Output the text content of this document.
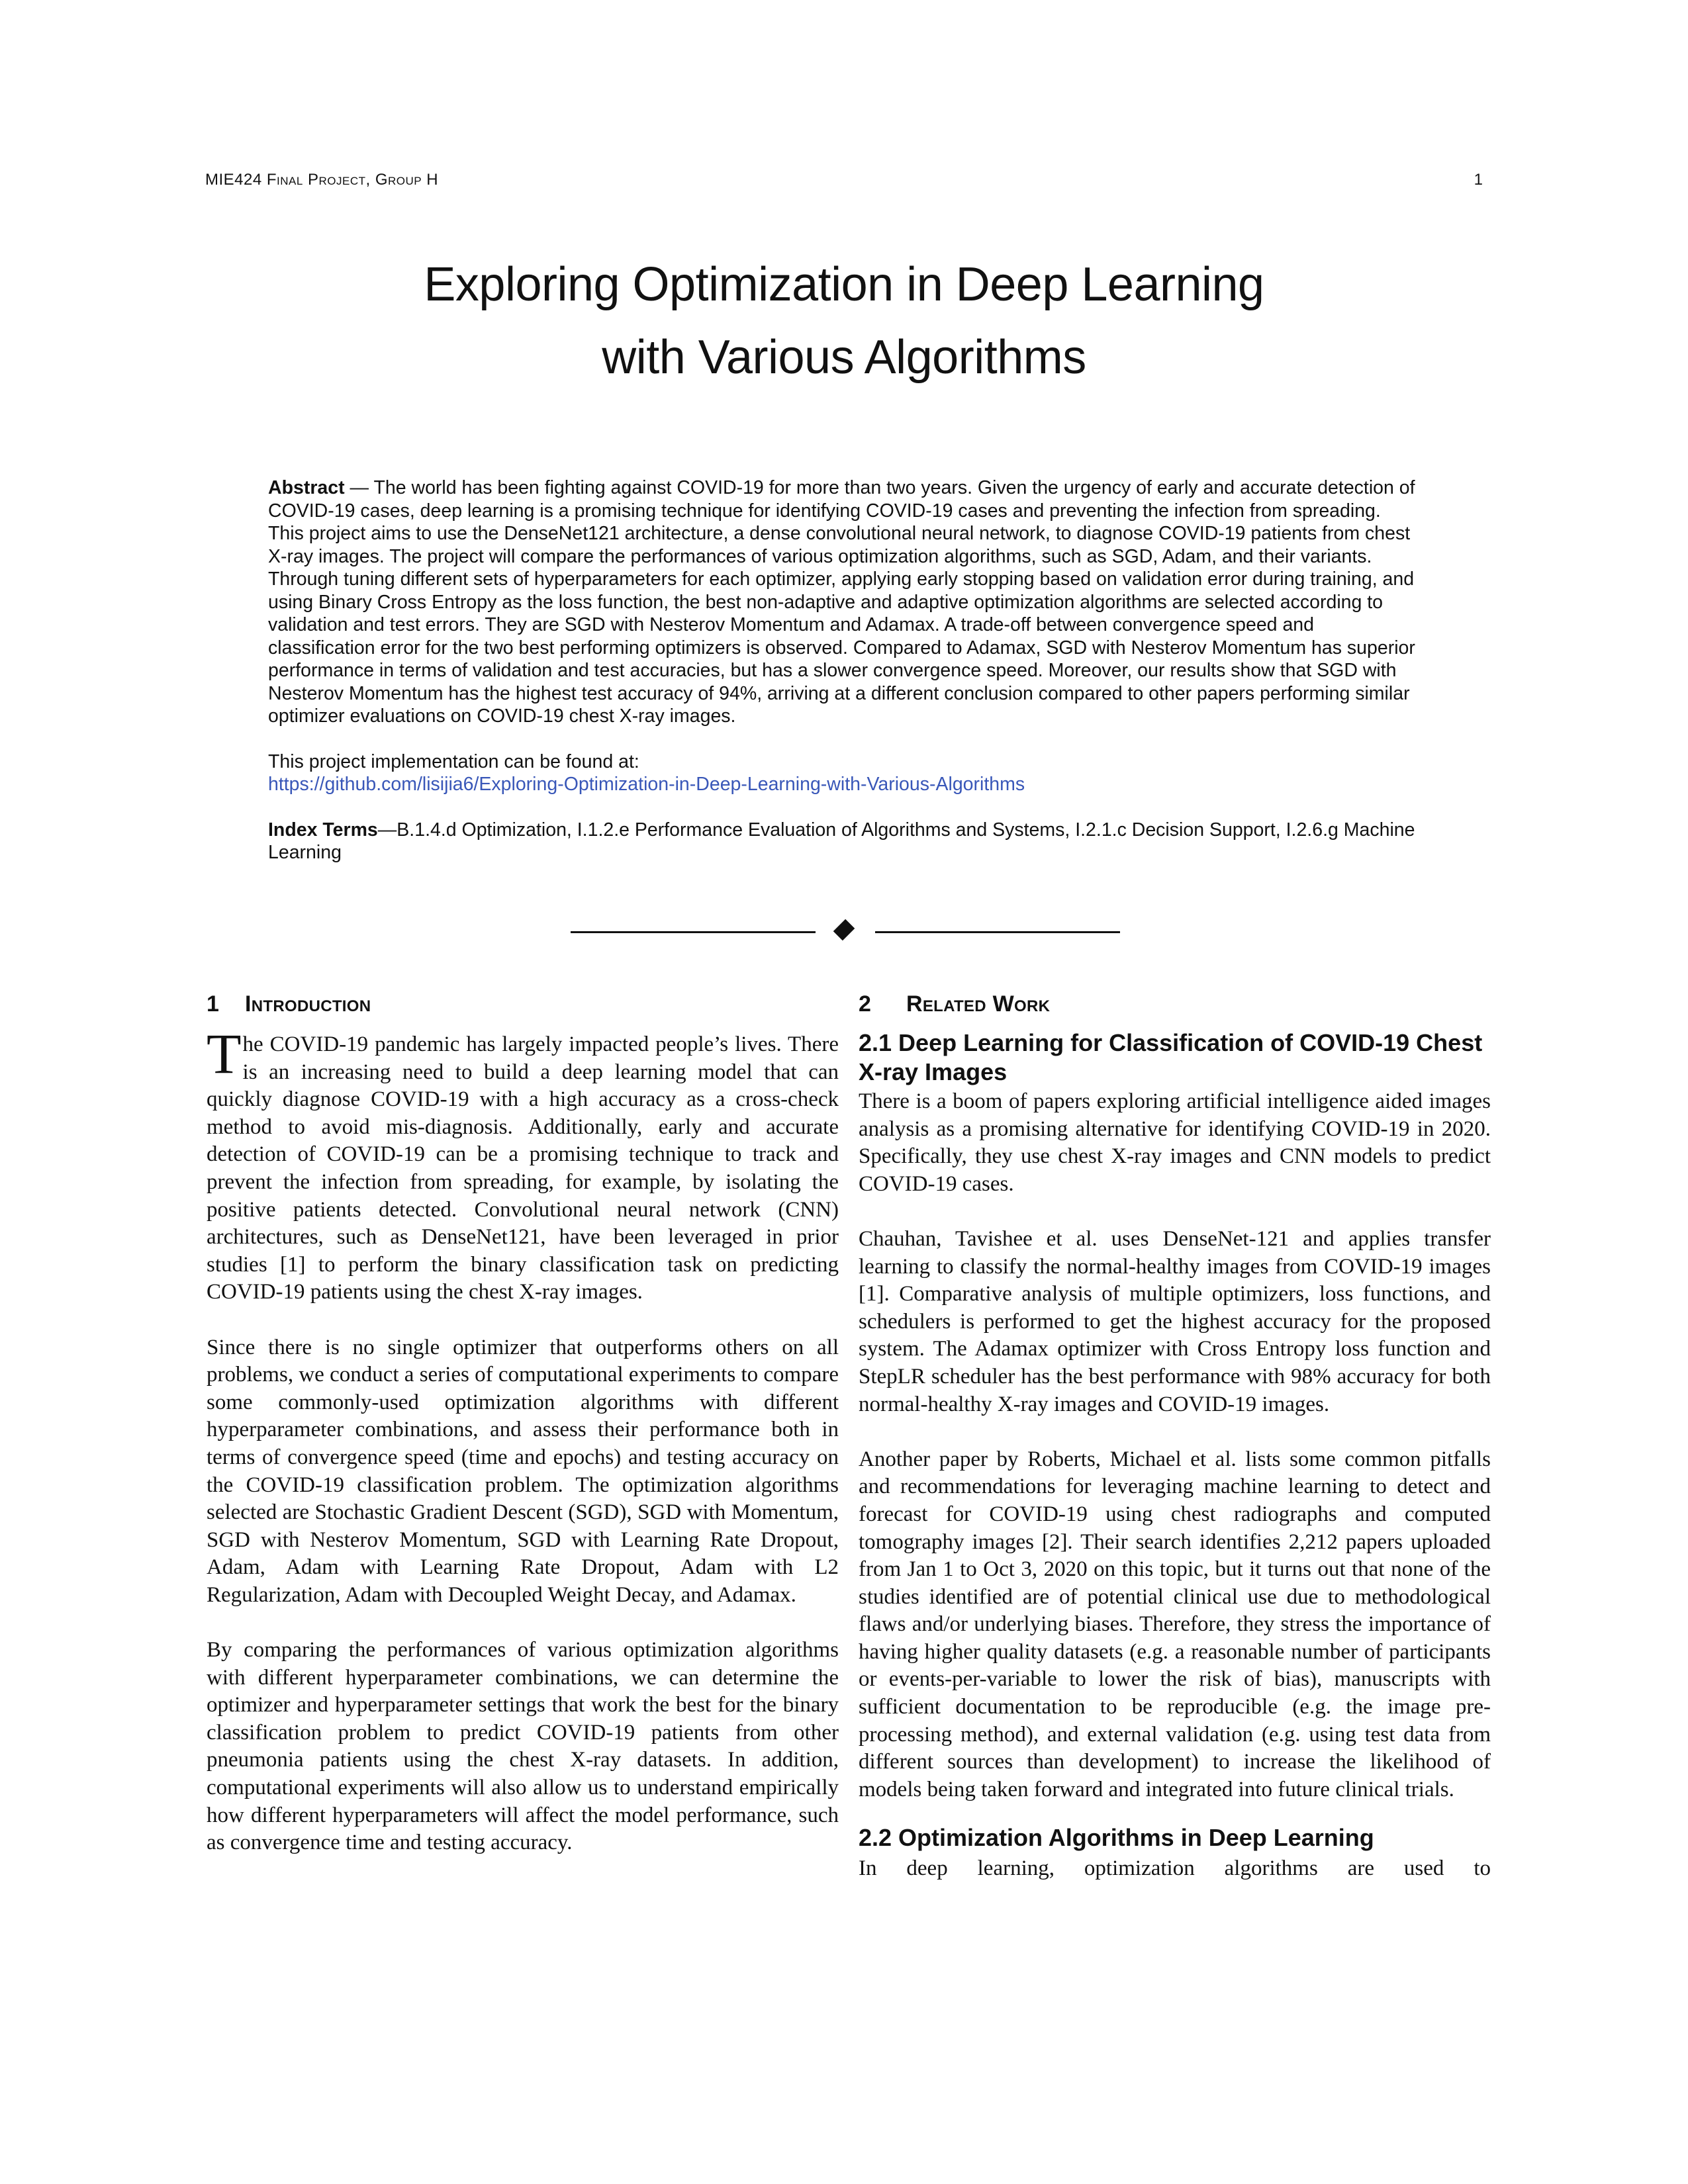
MIE424 Final Project, Group H	1
Exploring Optimization in Deep Learning
with Various Algorithms

Abstract — The world has been fighting against COVID-19 for more than two years. Given the urgency of early and accurate detection of COVID-19 cases, deep learning is a promising technique for identifying COVID-19 cases and preventing the infection from spreading. This project aims to use the DenseNet121 architecture, a dense convolutional neural network, to diagnose COVID-19 patients from chest X-ray images. The project will compare the performances of various optimization algorithms, such as SGD, Adam, and their variants. Through tuning different sets of hyperparameters for each optimizer, applying early stopping based on validation error during training, and using Binary Cross Entropy as the loss function, the best non-adaptive and adaptive optimization algorithms are selected according to validation and test errors. They are SGD with Nesterov Momentum and Adamax. A trade-off between convergence speed and classification error for the two best performing optimizers is observed. Compared to Adamax, SGD with Nesterov Momentum has superior performance in terms of validation and test accuracies, but has a slower convergence speed. Moreover, our results show that SGD with Nesterov Momentum has the highest test accuracy of 94%, arriving at a different conclusion compared to other papers performing similar optimizer evaluations on COVID-19 chest X-ray images.

This project implementation can be found at:
https://github.com/lisijia6/Exploring-Optimization-in-Deep-Learning-with-Various-Algorithms

Index Terms—B.1.4.d Optimization, I.1.2.e Performance Evaluation of Algorithms and Systems, I.2.1.c Decision Support, I.2.6.g Machine Learning

1 Introduction

The COVID-19 pandemic has largely impacted people’s lives. There is an increasing need to build a deep learning model that can quickly diagnose COVID-19 with a high accuracy as a cross-check method to avoid mis-diagnosis. Additionally, early and accurate detection of COVID-19 can be a promising technique to track and prevent the infection from spreading, for example, by isolating the positive patients detected. Convolutional neural network (CNN) architectures, such as DenseNet121, have been leveraged in prior studies [1] to perform the binary classification task on predicting COVID-19 patients using the chest X-ray images.

Since there is no single optimizer that outperforms others on all problems, we conduct a series of computational experiments to compare some commonly-used optimization algorithms with different hyperparameter combinations, and assess their performance both in terms of convergence speed (time and epochs) and testing accuracy on the COVID-19 classification problem. The optimization algorithms selected are Stochastic Gradient Descent (SGD), SGD with Momentum, SGD with Nesterov Momentum, SGD with Learning Rate Dropout, Adam, Adam with Learning Rate Dropout, Adam with L2 Regularization, Adam with Decoupled Weight Decay, and Adamax.

By comparing the performances of various optimization algorithms with different hyperparameter combinations, we can determine the optimizer and hyperparameter settings that work the best for the binary classification problem to predict COVID-19 patients from other pneumonia patients using the chest X-ray datasets. In addition, computational experiments will also allow us to understand empirically how different hyperparameters will affect the model performance, such as convergence time and testing accuracy.

2 Related Work
2.1 Deep Learning for Classification of COVID-19 Chest X-ray Images

There is a boom of papers exploring artificial intelligence aided images analysis as a promising alternative for identifying COVID-19 in 2020. Specifically, they use chest X-ray images and CNN models to predict COVID-19 cases.

Chauhan, Tavishee et al. uses DenseNet-121 and applies transfer learning to classify the normal-healthy images from COVID-19 images [1]. Comparative analysis of multiple optimizers, loss functions, and schedulers is performed to get the highest accuracy for the proposed system. The Adamax optimizer with Cross Entropy loss function and StepLR scheduler has the best performance with 98% accuracy for both normal-healthy X-ray images and COVID-19 images.

Another paper by Roberts, Michael et al. lists some common pitfalls and recommendations for leveraging machine learning to detect and forecast for COVID-19 using chest radiographs and computed tomography images [2]. Their search identifies 2,212 papers uploaded from Jan 1 to Oct 3, 2020 on this topic, but it turns out that none of the studies identified are of potential clinical use due to methodological flaws and/or underlying biases. Therefore, they stress the importance of having higher quality datasets (e.g. a reasonable number of participants or events-per-variable to lower the risk of bias), manuscripts with sufficient documentation to be reproducible (e.g. the image pre-processing method), and external validation (e.g. using test data from different sources than development) to increase the likelihood of models being taken forward and integrated into future clinical trials.

2.2 Optimization Algorithms in Deep Learning

In deep learning, optimization algorithms are used to
